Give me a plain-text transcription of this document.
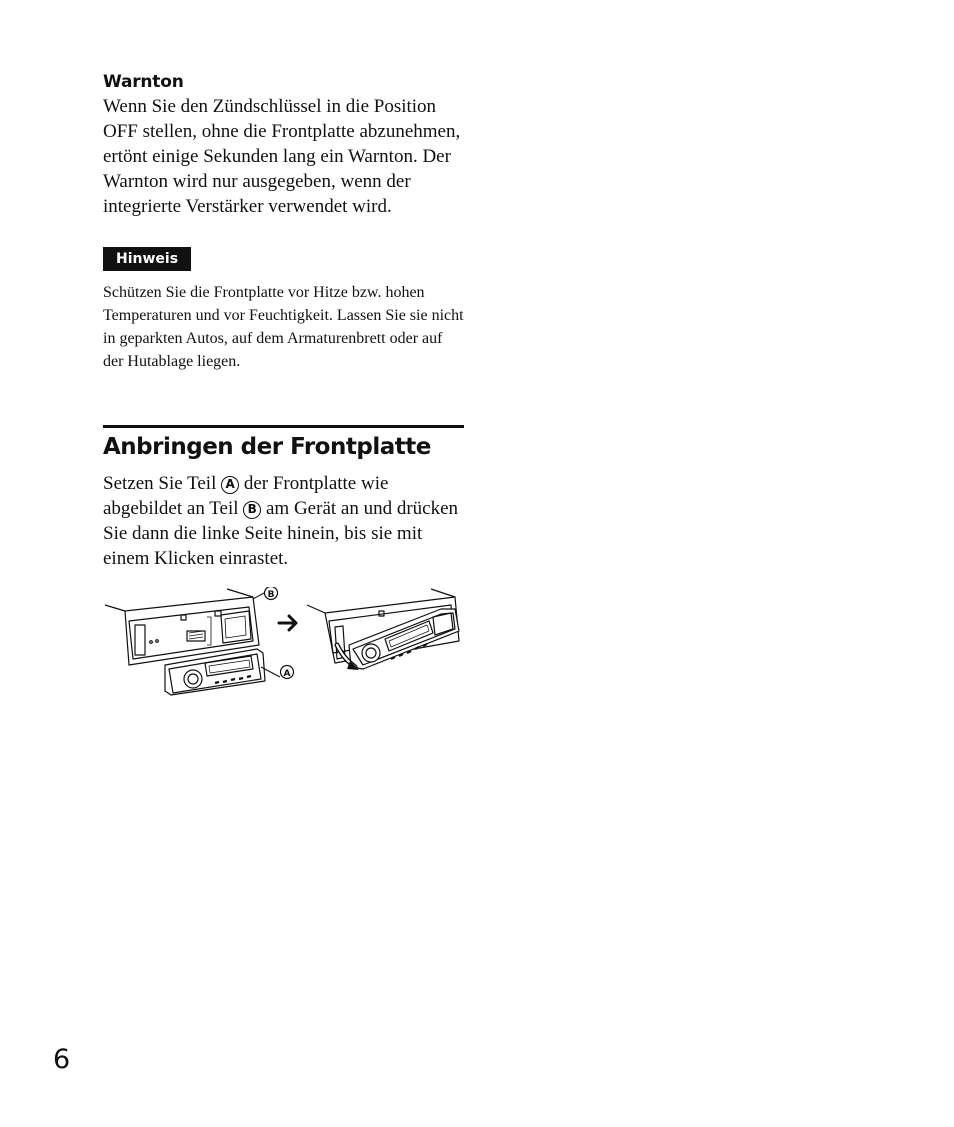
Warnton

Wenn Sie den Zündschlüssel in die Position OFF stellen, ohne die Frontplatte abzunehmen, ertönt einige Sekunden lang ein Warnton. Der Warnton wird nur ausgegeben, wenn der integrierte Verstärker verwendet wird.

Hinweis

Schützen Sie die Frontplatte vor Hitze bzw. hohen Temperaturen und vor Feuchtigkeit. Lassen Sie sie nicht in geparkten Autos, auf dem Armaturenbrett oder auf der Hutablage liegen.

Anbringen der Frontplatte

Setzen Sie Teil A der Frontplatte wie abgebildet an Teil B am Gerät an und drücken Sie dann die linke Seite hinein, bis sie mit einem Klicken einrastet.

B
A
6
